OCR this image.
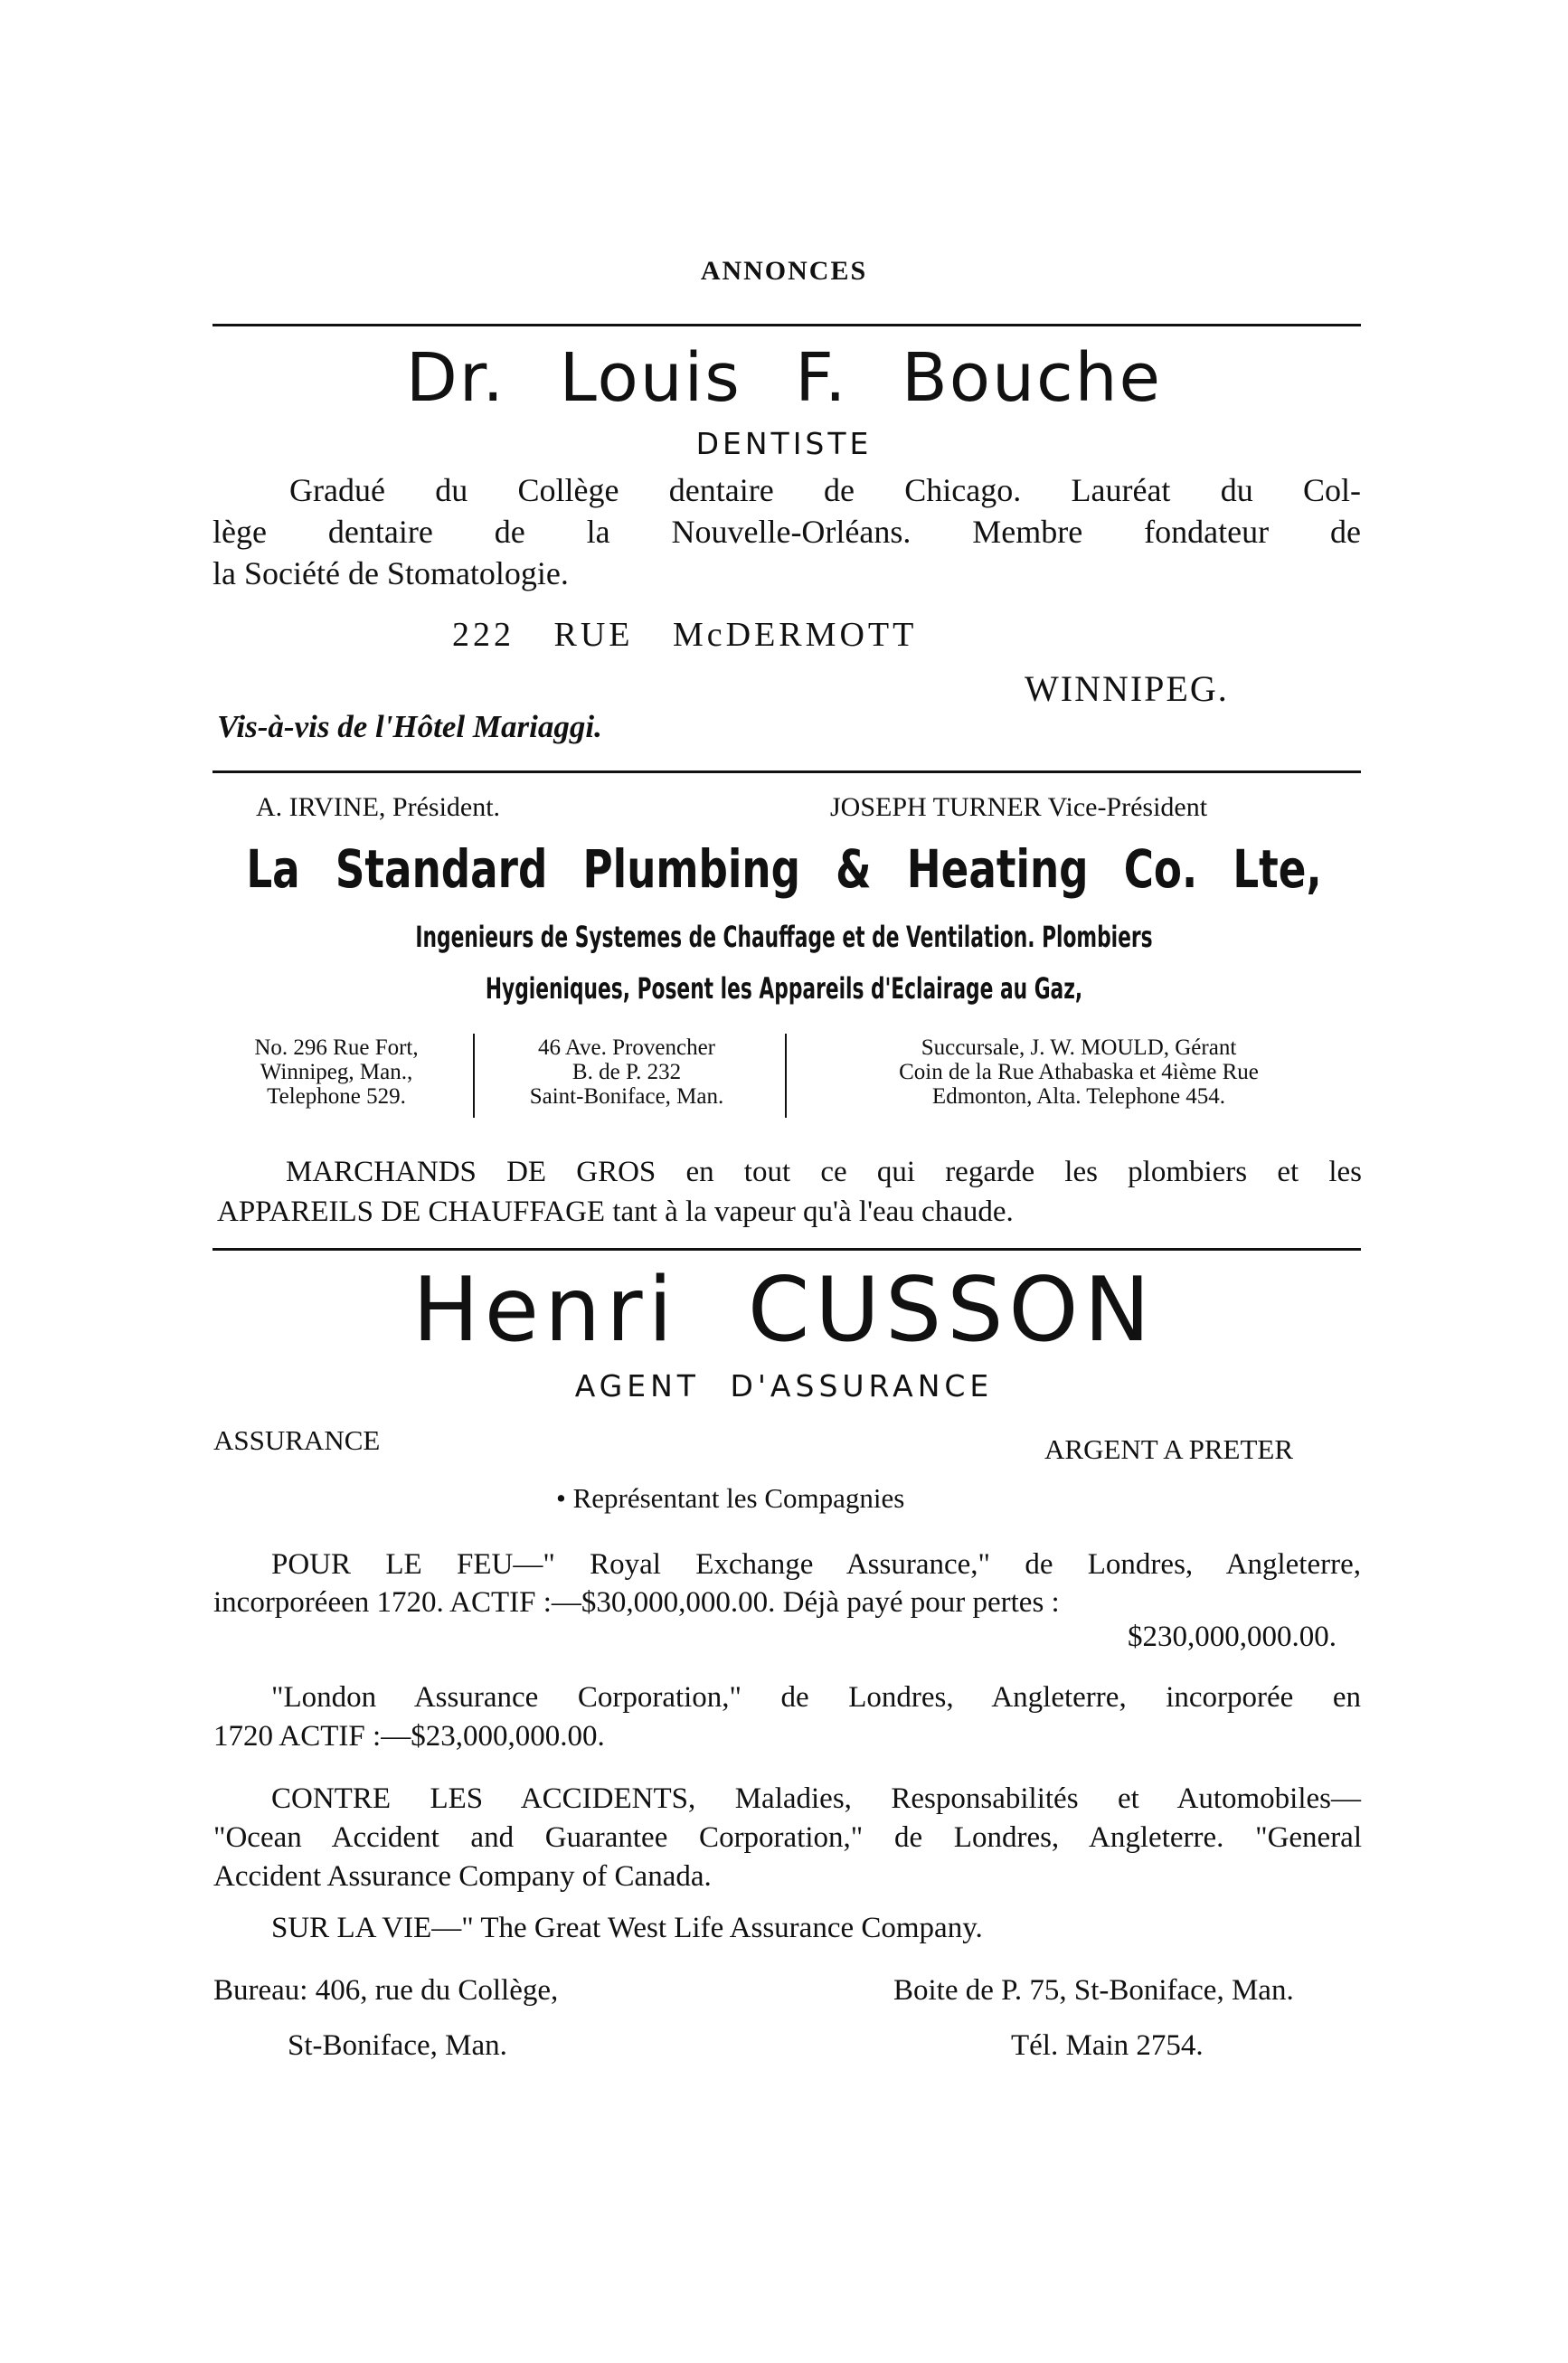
ANNONCES
Dr. Louis F. Bouche
DENTISTE
Gradué du Collège dentaire de Chicago. Lauréat du Col-
lège dentaire de la Nouvelle-Orléans. Membre fondateur de
la Société de Stomatologie.
222 RUE McDERMOTT
WINNIPEG.
Vis-à-vis de l'Hôtel Mariaggi.
A. IRVINE, Président.	JOSEPH TURNER Vice-Président
La Standard Plumbing & Heating Co. Lte,
Ingenieurs de Systemes de Chauffage et de Ventilation. Plombiers
Hygieniques, Posent les Appareils d'Eclairage au Gaz,
No. 296 Rue Fort,
Winnipeg, Man.,
Telephone 529.
46 Ave. Provencher
B. de P. 232
Saint-Boniface, Man.
Succursale, J. W. MOULD, Gérant
Coin de la Rue Athabaska et 4ième Rue
Edmonton, Alta. Telephone 454.
MARCHANDS DE GROS en tout ce qui regarde les plombiers et les
APPAREILS DE CHAUFFAGE tant à la vapeur qu'à l'eau chaude.
Henri CUSSON
AGENT D'ASSURANCE
ASSURANCE	ARGENT A PRETER
• Représentant les Compagnies
POUR LE FEU—" Royal Exchange Assurance," de Londres, Angleterre,
incorporéeen 1720. ACTIF :—$30,000,000.00. Déjà payé pour pertes :
$230,000,000.00.
"London Assurance Corporation," de Londres, Angleterre, incorporée en
1720 ACTIF :—$23,000,000.00.
CONTRE LES ACCIDENTS, Maladies, Responsabilités et Automobiles—
"Ocean Accident and Guarantee Corporation," de Londres, Angleterre. "General
Accident Assurance Company of Canada.
SUR LA VIE—" The Great West Life Assurance Company.
Bureau: 406, rue du Collège,
St-Boniface, Man.
Boite de P. 75, St-Boniface, Man.
Tél. Main 2754.
